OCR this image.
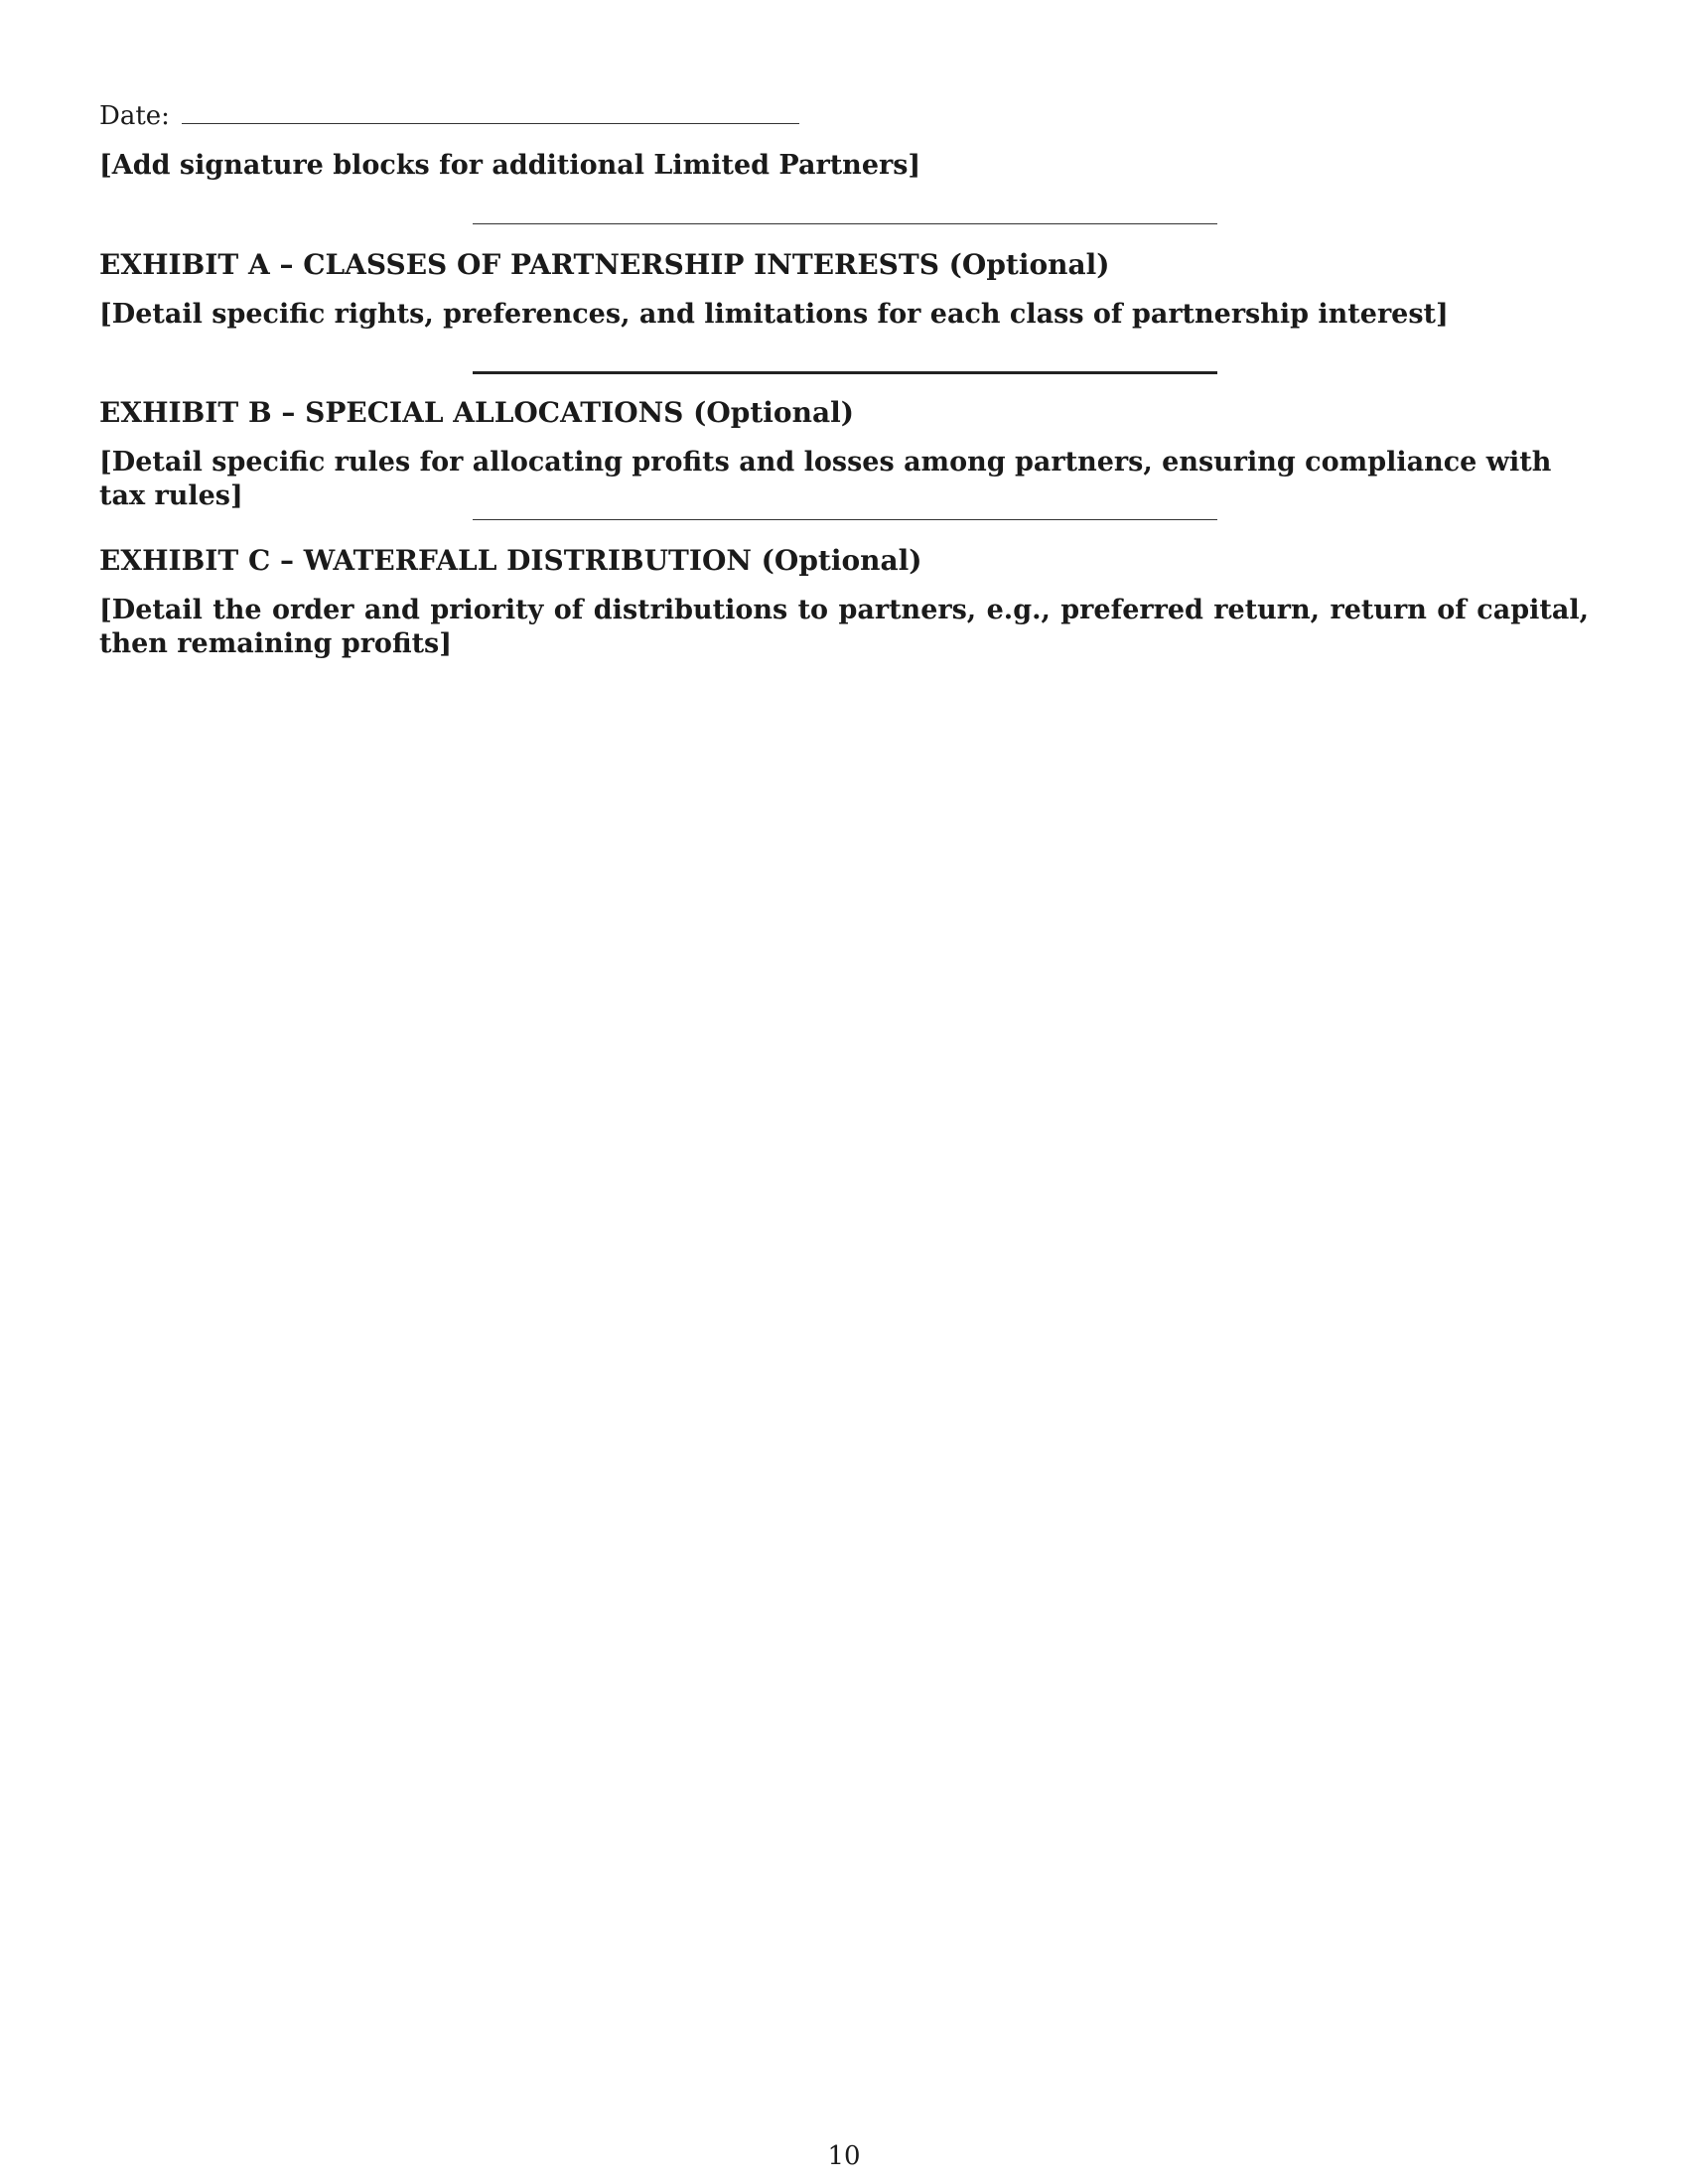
Date:
[Add signature blocks for additional Limited Partners]
EXHIBIT A – CLASSES OF PARTNERSHIP INTERESTS (Optional)
[Detail specific rights, preferences, and limitations for each class of partnership interest]
EXHIBIT B – SPECIAL ALLOCATIONS (Optional)
[Detail specific rules for allocating profits and losses among partners, ensuring compliance with tax rules]
EXHIBIT C – WATERFALL DISTRIBUTION (Optional)
[Detail the order and priority of distributions to partners, e.g., preferred return, return of capital, then remaining profits]
10
